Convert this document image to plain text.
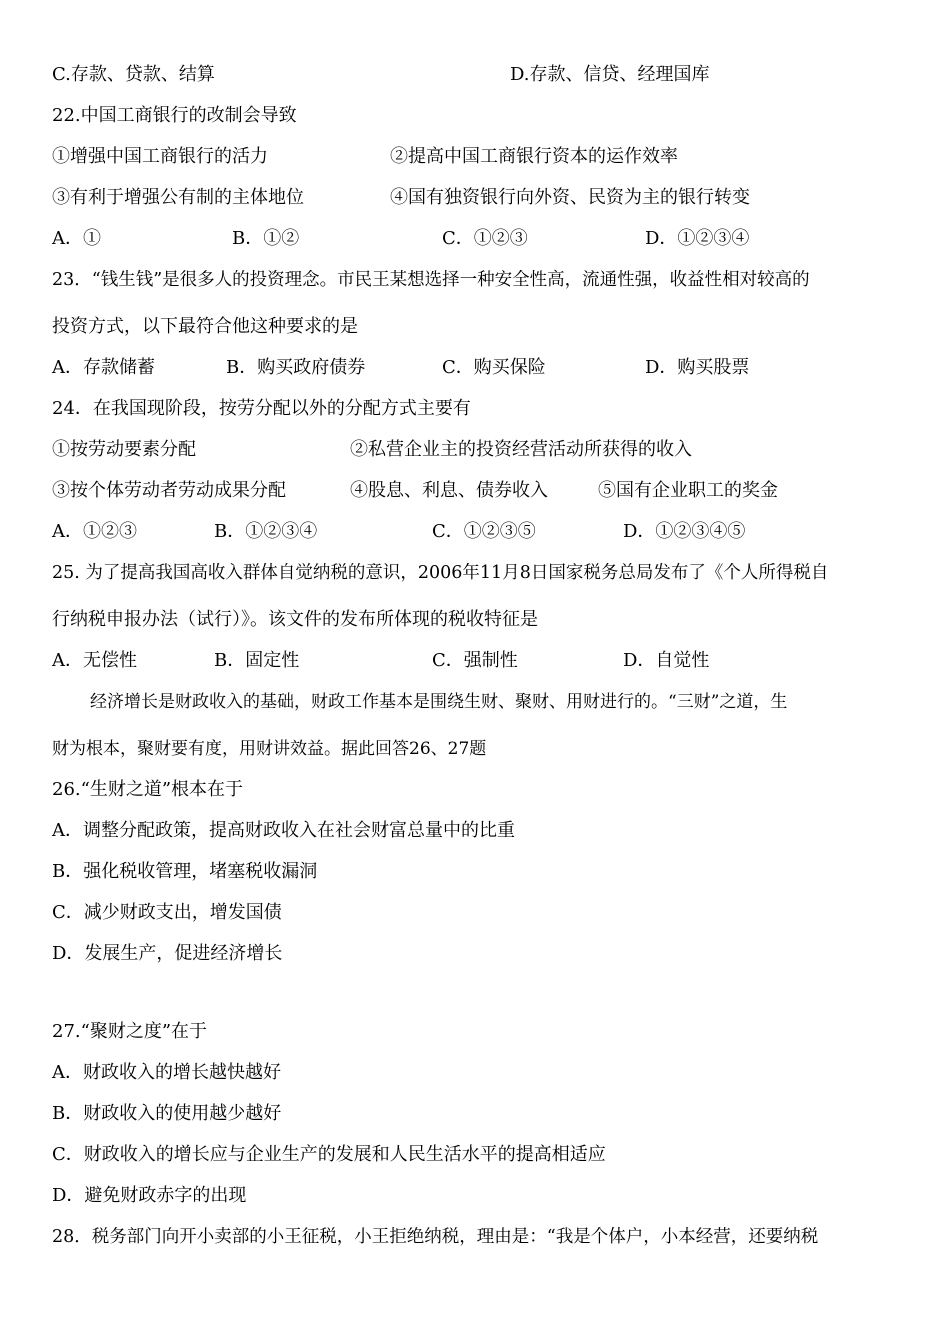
C.存款、贷款、结算	D.存款、信贷、经理国库
22.中国工商银行的改制会导致
①增强中国工商银行的活力	②提高中国工商银行资本的运作效率
③有利于增强公有制的主体地位	④国有独资银行向外资、民资为主的银行转变
A．①	B．①②	C．①②③	D．①②③④
23．“钱生钱”是很多人的投资理念。市民王某想选择一种安全性高，流通性强，收益性相对较高的
投资方式，以下最符合他这种要求的是
A．存款储蓄	B．购买政府债券	C．购买保险	D．购买股票
24．在我国现阶段，按劳分配以外的分配方式主要有
①按劳动要素分配	②私营企业主的投资经营活动所获得的收入
③按个体劳动者劳动成果分配	④股息、利息、债券收入	⑤国有企业职工的奖金
A．①②③	B．①②③④	C．①②③⑤	D．①②③④⑤
25. 为了提高我国高收入群体自觉纳税的意识，2006年11月8日国家税务总局发布了《个人所得税自
行纳税申报办法（试行）》。该文件的发布所体现的税收特征是
A．无偿性	B．固定性	C．强制性	D．自觉性
经济增长是财政收入的基础，财政工作基本是围绕生财、聚财、用财进行的。“三财”之道，生
财为根本，聚财要有度，用财讲效益。据此回答26、27题
26.“生财之道”根本在于
A．调整分配政策，提高财政收入在社会财富总量中的比重
B．强化税收管理，堵塞税收漏洞
C．减少财政支出，增发国债
D．发展生产，促进经济增长
27.“聚财之度”在于
A．财政收入的增长越快越好
B．财政收入的使用越少越好
C．财政收入的增长应与企业生产的发展和人民生活水平的提高相适应
D．避免财政赤字的出现
28．税务部门向开小卖部的小王征税，小王拒绝纳税，理由是：“我是个体户，小本经营，还要纳税
